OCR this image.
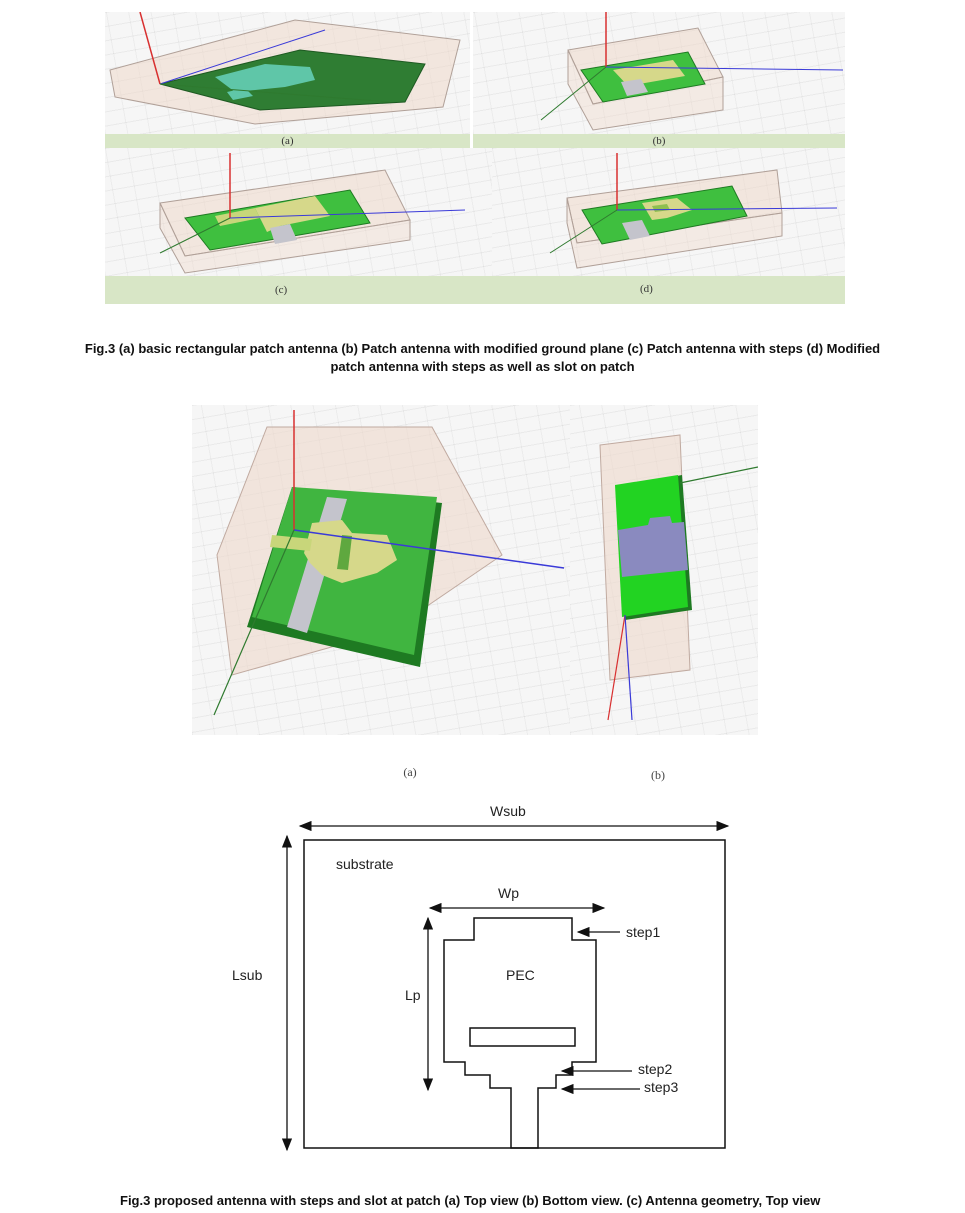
(a)	(b)
(c)	(d)
Fig.3 (a) basic rectangular patch antenna (b) Patch antenna with modified ground plane (c) Patch antenna with steps (d) Modified
patch antenna with steps as well as slot on patch
(a)	(b)
Wsub
Lsub
substrate
Wp
Lp
PEC
step1
step2
step3
Fig.3 proposed antenna with steps and slot at patch (a) Top view (b) Bottom view. (c) Antenna geometry, Top view
